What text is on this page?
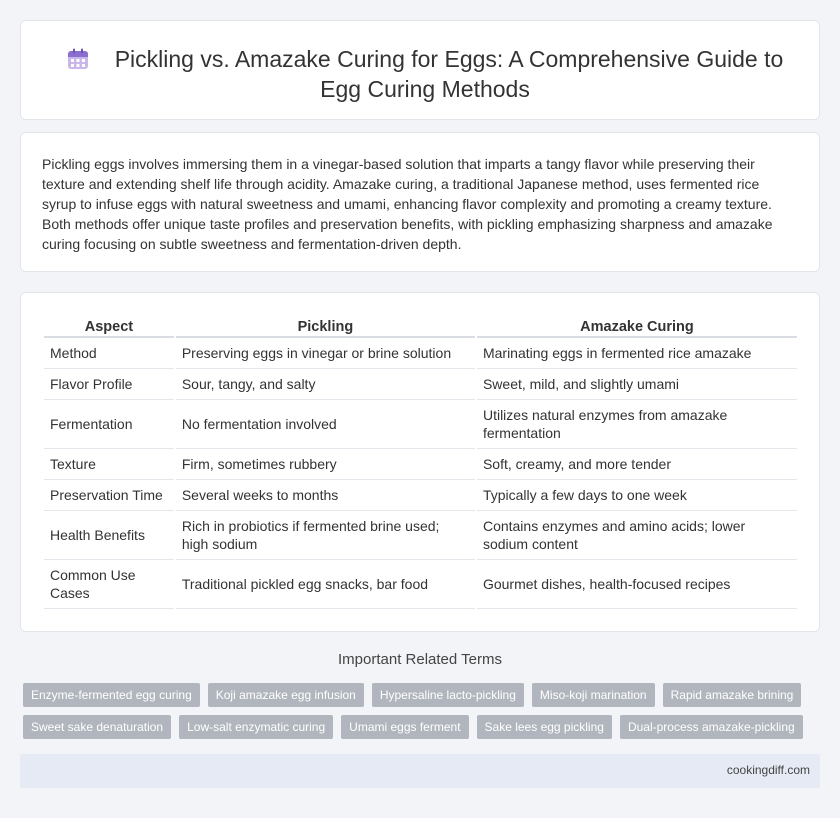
Pickling vs. Amazake Curing for Eggs: A Comprehensive Guide to Egg Curing Methods

Pickling eggs involves immersing them in a vinegar-based solution that imparts a tangy flavor while preserving their texture and extending shelf life through acidity. Amazake curing, a traditional Japanese method, uses fermented rice syrup to infuse eggs with natural sweetness and umami, enhancing flavor complexity and promoting a creamy texture. Both methods offer unique taste profiles and preservation benefits, with pickling emphasizing sharpness and amazake curing focusing on subtle sweetness and fermentation-driven depth.

Aspect	Pickling	Amazake Curing
Method	Preserving eggs in vinegar or brine solution	Marinating eggs in fermented rice amazake
Flavor Profile	Sour, tangy, and salty	Sweet, mild, and slightly umami
Fermentation	No fermentation involved	Utilizes natural enzymes from amazake fermentation
Texture	Firm, sometimes rubbery	Soft, creamy, and more tender
Preservation Time	Several weeks to months	Typically a few days to one week
Health Benefits	Rich in probiotics if fermented brine used; high sodium	Contains enzymes and amino acids; lower sodium content
Common Use Cases	Traditional pickled egg snacks, bar food	Gourmet dishes, health-focused recipes
Important Related Terms
Enzyme-fermented egg curing	Koji amazake egg infusion	Hypersaline lacto-pickling	Miso-koji marination	Rapid amazake brining
Sweet sake denaturation	Low-salt enzymatic curing	Umami eggs ferment	Sake lees egg pickling	Dual-process amazake-pickling
cookingdiff.com
